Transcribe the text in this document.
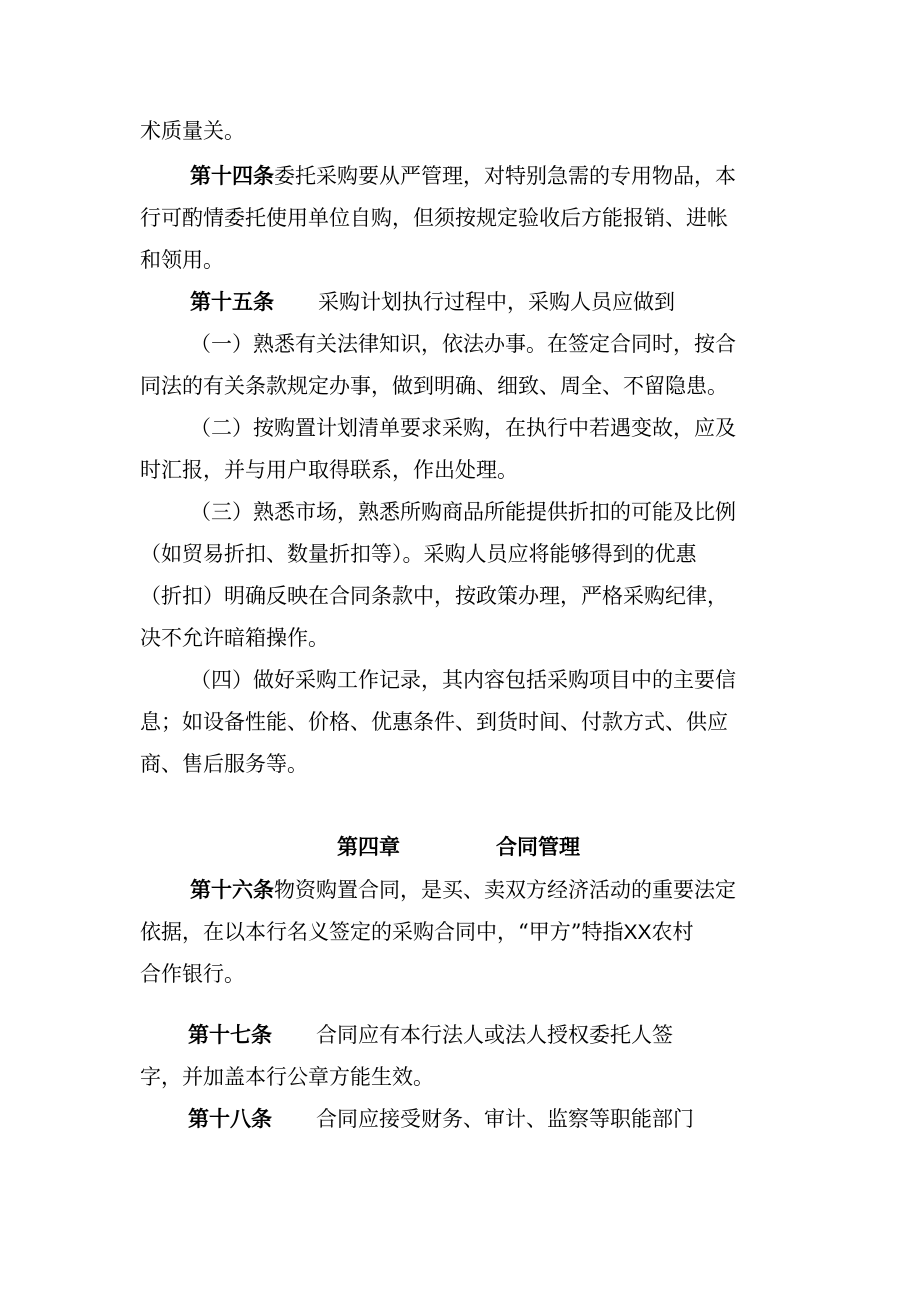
术质量关。
第十四条委托采购要从严管理，对特别急需的专用物品，本
行可酌情委托使用单位自购，但须按规定验收后方能报销、进帐
和领用。
第十五条 采购计划执行过程中，采购人员应做到
（一）熟悉有关法律知识，依法办事。在签定合同时，按合
同法的有关条款规定办事，做到明确、细致、周全、不留隐患。
（二）按购置计划清单要求采购，在执行中若遇变故，应及
时汇报，并与用户取得联系，作出处理。
（三）熟悉市场，熟悉所购商品所能提供折扣的可能及比例
（如贸易折扣、数量折扣等）。采购人员应将能够得到的优惠
（折扣）明确反映在合同条款中，按政策办理，严格采购纪律，
决不允许暗箱操作。
（四）做好采购工作记录，其内容包括采购项目中的主要信
息；如设备性能、价格、优惠条件、到货时间、付款方式、供应
商、售后服务等。
第四章	合同管理
第十六条物资购置合同，是买、卖双方经济活动的重要法定
依据，在以本行名义签定的采购合同中，“甲方”特指XX农村
合作银行。
第十七条 合同应有本行法人或法人授权委托人签
字，并加盖本行公章方能生效。
第十八条 合同应接受财务、审计、监察等职能部门
